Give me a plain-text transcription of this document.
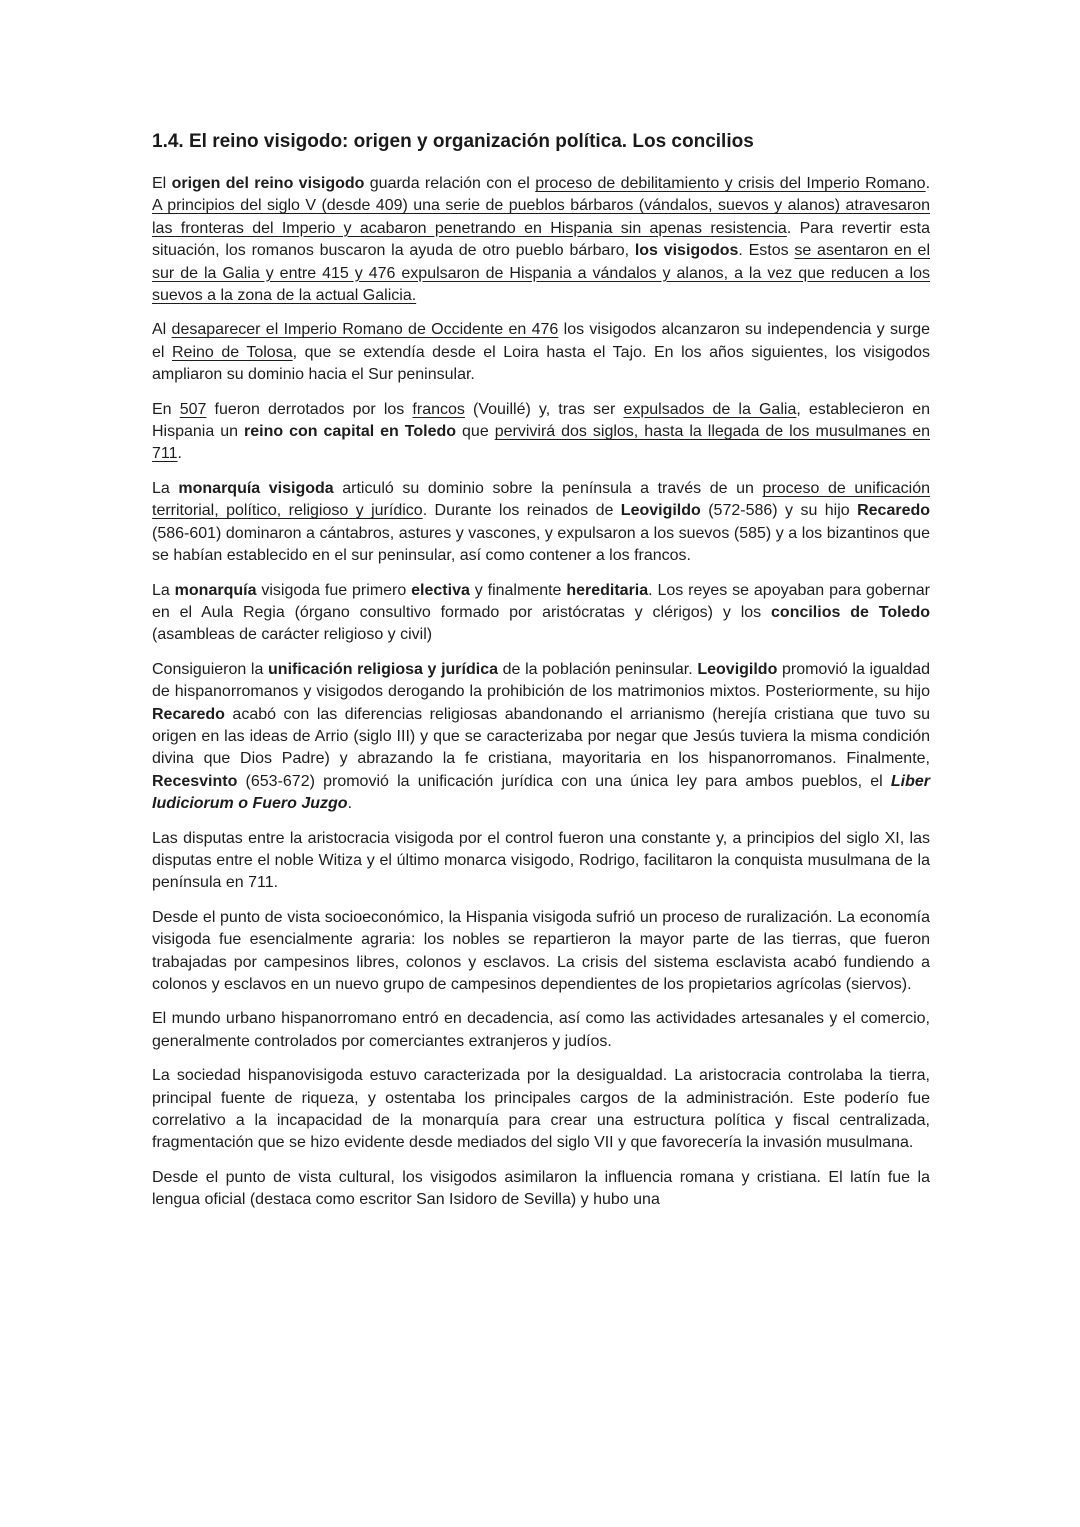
1.4. El reino visigodo: origen y organización política. Los concilios

El origen del reino visigodo guarda relación con el proceso de debilitamiento y crisis del Imperio Romano. A principios del siglo V (desde 409) una serie de pueblos bárbaros (vándalos, suevos y alanos) atravesaron las fronteras del Imperio y acabaron penetrando en Hispania sin apenas resistencia. Para revertir esta situación, los romanos buscaron la ayuda de otro pueblo bárbaro, los visigodos. Estos se asentaron en el sur de la Galia y entre 415 y 476 expulsaron de Hispania a vándalos y alanos, a la vez que reducen a los suevos a la zona de la actual Galicia.

Al desaparecer el Imperio Romano de Occidente en 476 los visigodos alcanzaron su independencia y surge el Reino de Tolosa, que se extendía desde el Loira hasta el Tajo. En los años siguientes, los visigodos ampliaron su dominio hacia el Sur peninsular.

En 507 fueron derrotados por los francos (Vouillé) y, tras ser expulsados de la Galia, establecieron en Hispania un reino con capital en Toledo que pervivirá dos siglos, hasta la llegada de los musulmanes en 711.

La monarquía visigoda articuló su dominio sobre la península a través de un proceso de unificación territorial, político, religioso y jurídico. Durante los reinados de Leovigildo (572-586) y su hijo Recaredo (586-601) dominaron a cántabros, astures y vascones, y expulsaron a los suevos (585) y a los bizantinos que se habían establecido en el sur peninsular, así como contener a los francos.

La monarquía visigoda fue primero electiva y finalmente hereditaria. Los reyes se apoyaban para gobernar en el Aula Regia (órgano consultivo formado por aristócratas y clérigos) y los concilios de Toledo (asambleas de carácter religioso y civil)

Consiguieron la unificación religiosa y jurídica de la población peninsular. Leovigildo promovió la igualdad de hispanorromanos y visigodos derogando la prohibición de los matrimonios mixtos. Posteriormente, su hijo Recaredo acabó con las diferencias religiosas abandonando el arrianismo (herejía cristiana que tuvo su origen en las ideas de Arrio (siglo III) y que se caracterizaba por negar que Jesús tuviera la misma condición divina que Dios Padre) y abrazando la fe cristiana, mayoritaria en los hispanorromanos. Finalmente, Recesvinto (653-672) promovió la unificación jurídica con una única ley para ambos pueblos, el Liber Iudiciorum o Fuero Juzgo.

Las disputas entre la aristocracia visigoda por el control fueron una constante y, a principios del siglo XI, las disputas entre el noble Witiza y el último monarca visigodo, Rodrigo, facilitaron la conquista musulmana de la península en 711.

Desde el punto de vista socioeconómico, la Hispania visigoda sufrió un proceso de ruralización. La economía visigoda fue esencialmente agraria: los nobles se repartieron la mayor parte de las tierras, que fueron trabajadas por campesinos libres, colonos y esclavos. La crisis del sistema esclavista acabó fundiendo a colonos y esclavos en un nuevo grupo de campesinos dependientes de los propietarios agrícolas (siervos).

El mundo urbano hispanorromano entró en decadencia, así como las actividades artesanales y el comercio, generalmente controlados por comerciantes extranjeros y judíos.

La sociedad hispanovisigoda estuvo caracterizada por la desigualdad. La aristocracia controlaba la tierra, principal fuente de riqueza, y ostentaba los principales cargos de la administración. Este poderío fue correlativo a la incapacidad de la monarquía para crear una estructura política y fiscal centralizada, fragmentación que se hizo evidente desde mediados del siglo VII y que favorecería la invasión musulmana.

Desde el punto de vista cultural, los visigodos asimilaron la influencia romana y cristiana. El latín fue la lengua oficial (destaca como escritor San Isidoro de Sevilla) y hubo una
